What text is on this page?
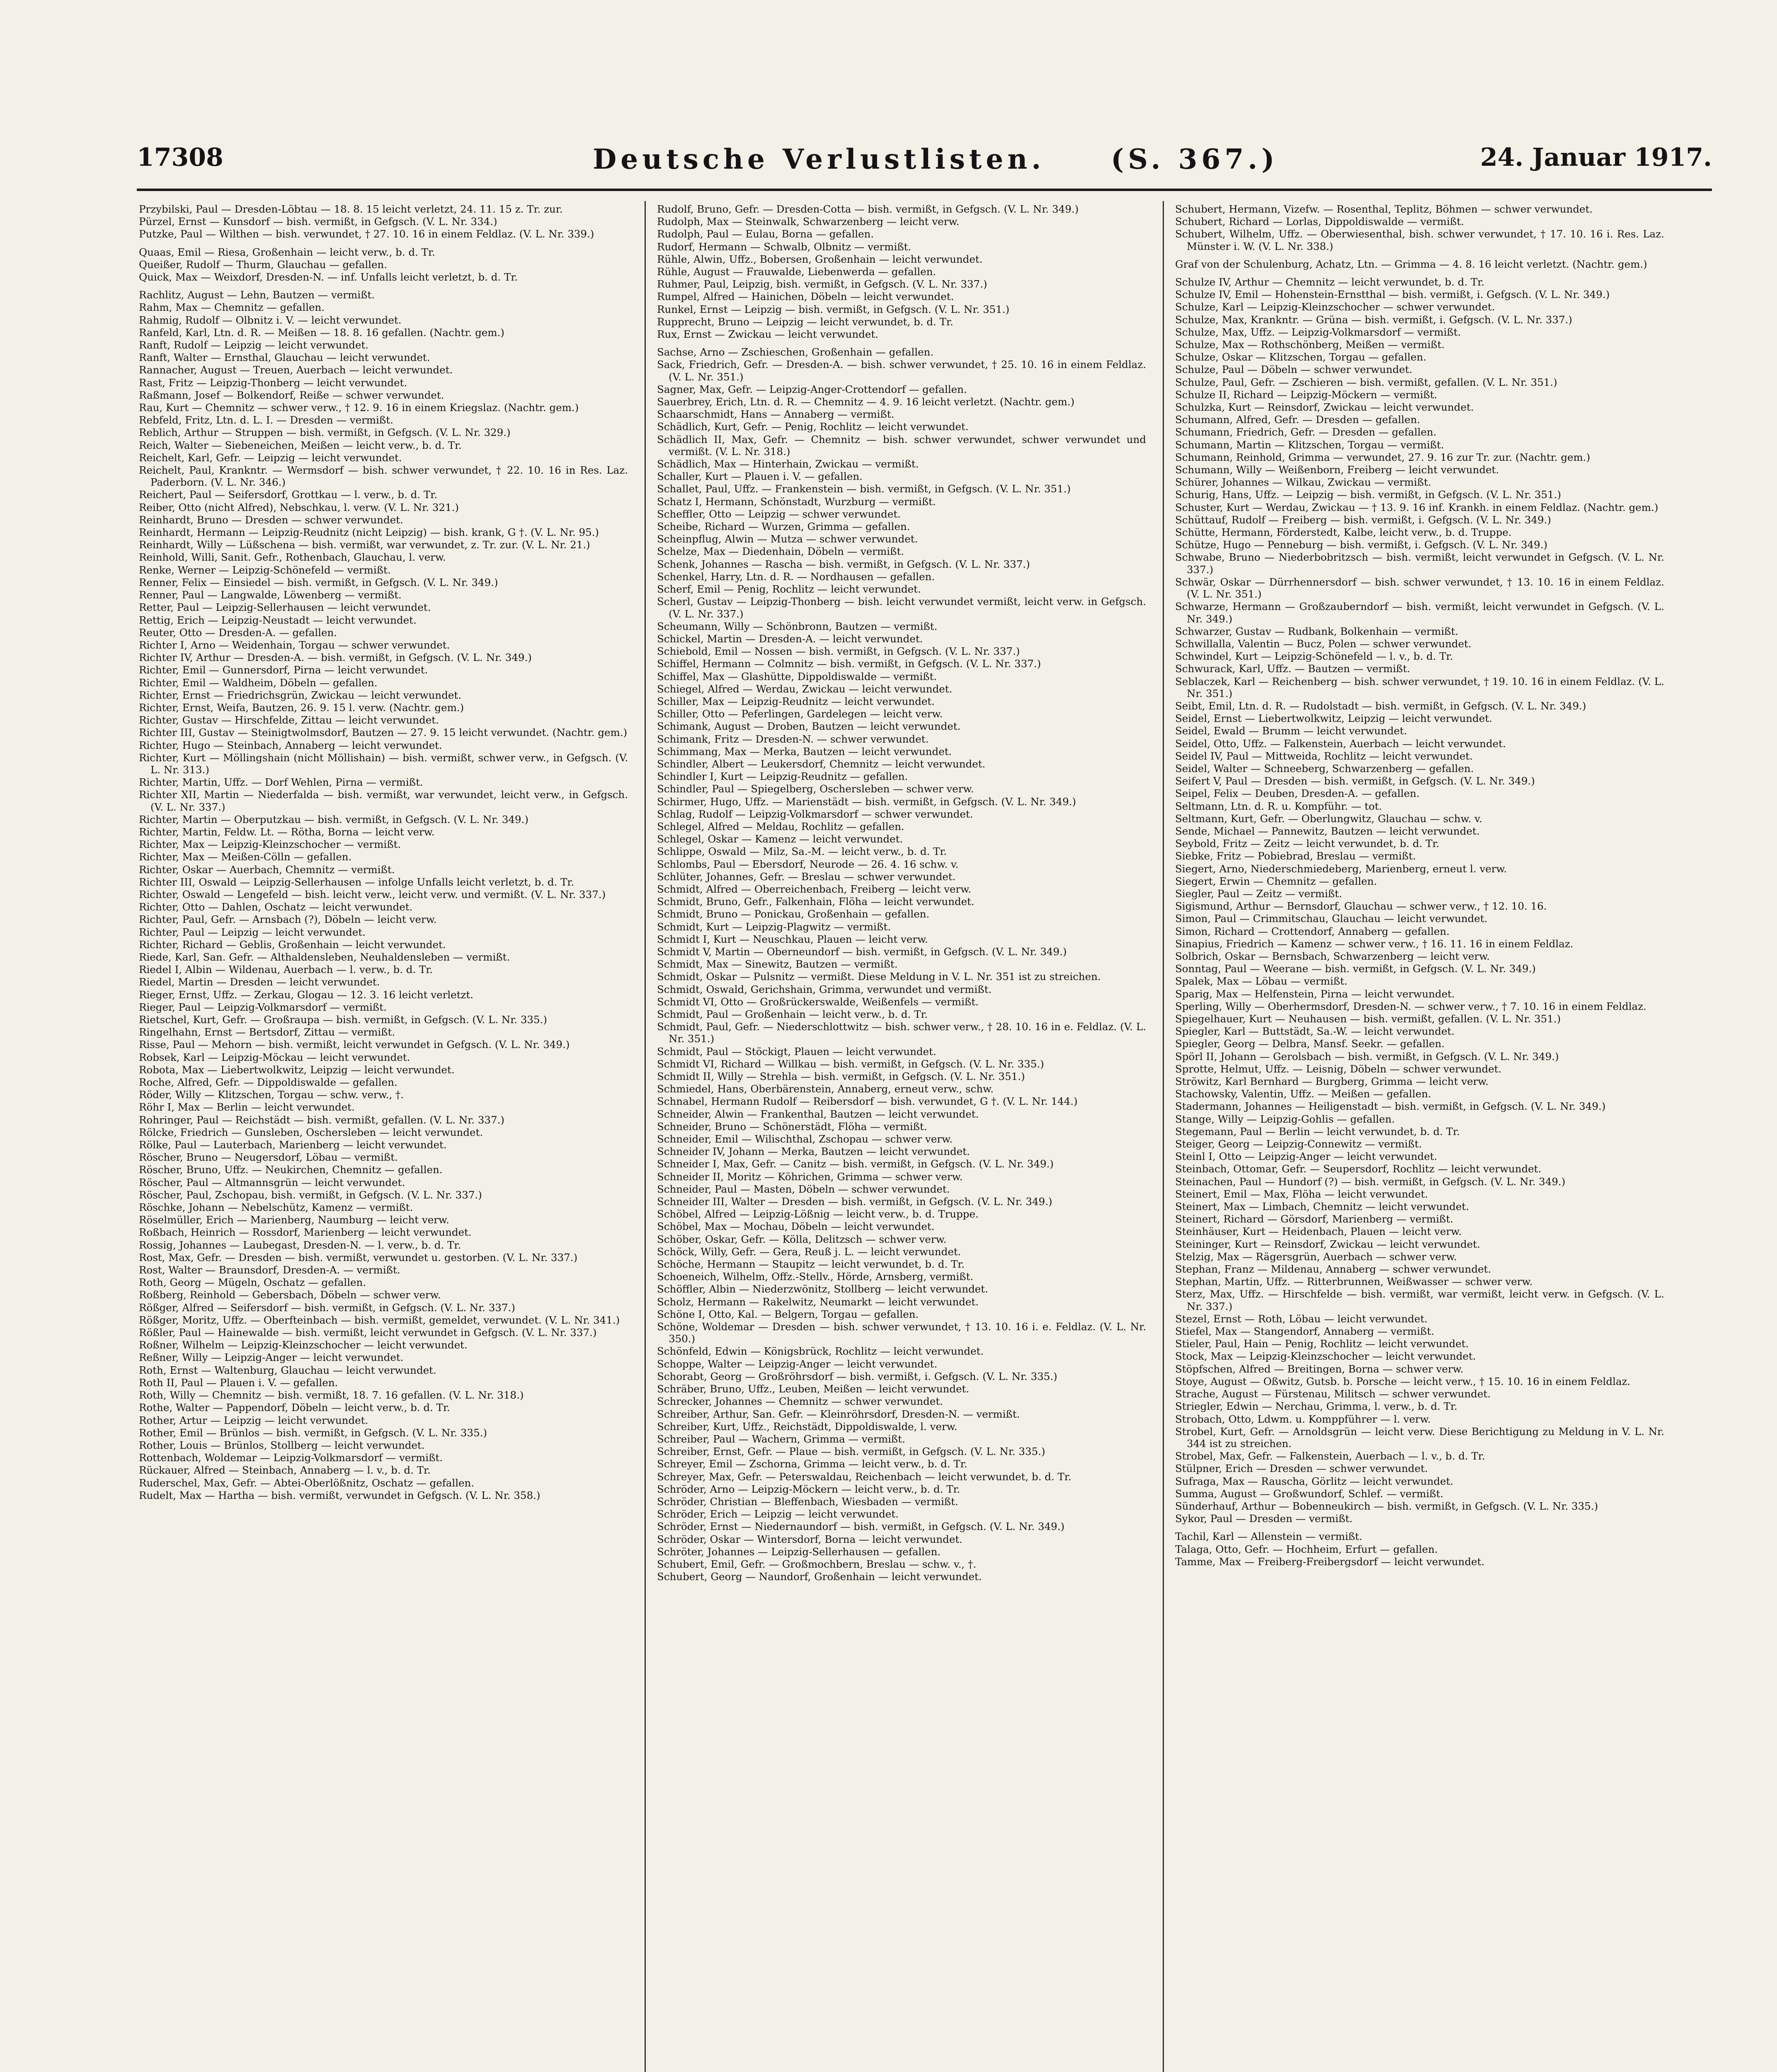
17308	Deutsche Verlustlisten. (S. 367.)	24. Januar 1917.
Przybilski, Paul — Dresden-Löbtau — 18. 8. 15 leicht verletzt, 24. 11. 15 z. Tr. zur.
Pürzel, Ernst — Kunsdorf — bish. vermißt, in Gefgsch. (V. L. Nr. 334.)
Putzke, Paul — Wilthen — bish. verwundet, † 27. 10. 16 in einem Feldlaz. (V. L. Nr. 339.)
Quaas, Emil — Riesa, Großenhain — leicht verw., b. d. Tr.
Queißer, Rudolf — Thurm, Glauchau — gefallen.
Quick, Max — Weixdorf, Dresden-N. — inf. Unfalls leicht verletzt, b. d. Tr.
Rachlitz, August — Lehn, Bautzen — vermißt.
Rahm, Max — Chemnitz — gefallen.
Rahmig, Rudolf — Olbnitz i. V. — leicht verwundet.
Ranfeld, Karl, Ltn. d. R. — Meißen — 18. 8. 16 gefallen. (Nachtr. gem.)
Ranft, Rudolf — Leipzig — leicht verwundet.
Ranft, Walter — Ernsthal, Glauchau — leicht verwundet.
Rannacher, August — Treuen, Auerbach — leicht verwundet.
Rast, Fritz — Leipzig-Thonberg — leicht verwundet.
Raßmann, Josef — Bolkendorf, Reiße — schwer verwundet.
Rau, Kurt — Chemnitz — schwer verw., † 12. 9. 16 in einem Kriegslaz. (Nachtr. gem.)
Rebfeld, Fritz, Ltn. d. L. I. — Dresden — vermißt.
Reblich, Arthur — Struppen — bish. vermißt, in Gefgsch. (V. L. Nr. 329.)
Reich, Walter — Siebeneichen, Meißen — leicht verw., b. d. Tr.
Reichelt, Karl, Gefr. — Leipzig — leicht verwundet.
Reichelt, Paul, Krankntr. — Wermsdorf — bish. schwer verwundet, † 22. 10. 16 in Res. Laz. Paderborn. (V. L. Nr. 346.)
Reichert, Paul — Seifersdorf, Grottkau — l. verw., b. d. Tr.
Reiber, Otto (nicht Alfred), Nebschkau, l. verw. (V. L. Nr. 321.)
Reinhardt, Bruno — Dresden — schwer verwundet.
Reinhardt, Hermann — Leipzig-Reudnitz (nicht Leipzig) — bish. krank, G †. (V. L. Nr. 95.)
Reinhardt, Willy — Lüßschena — bish. vermißt, war verwundet, z. Tr. zur. (V. L. Nr. 21.)
Reinhold, Willi, Sanit. Gefr., Rothenbach, Glauchau, l. verw.
Renke, Werner — Leipzig-Schönefeld — vermißt.
Renner, Felix — Einsiedel — bish. vermißt, in Gefgsch. (V. L. Nr. 349.)
Renner, Paul — Langwalde, Löwenberg — vermißt.
Retter, Paul — Leipzig-Sellerhausen — leicht verwundet.
Rettig, Erich — Leipzig-Neustadt — leicht verwundet.
Reuter, Otto — Dresden-A. — gefallen.
Richter I, Arno — Weidenhain, Torgau — schwer verwundet.
Richter IV, Arthur — Dresden-A. — bish. vermißt, in Gefgsch. (V. L. Nr. 349.)
Richter, Emil — Gunnersdorf, Pirna — leicht verwundet.
Richter, Emil — Waldheim, Döbeln — gefallen.
Richter, Ernst — Friedrichsgrün, Zwickau — leicht verwundet.
Richter, Ernst, Weifa, Bautzen, 26. 9. 15 l. verw. (Nachtr. gem.)
Richter, Gustav — Hirschfelde, Zittau — leicht verwundet.
Richter III, Gustav — Steinigtwolmsdorf, Bautzen — 27. 9. 15 leicht verwundet. (Nachtr. gem.)
Richter, Hugo — Steinbach, Annaberg — leicht verwundet.
Richter, Kurt — Möllingshain (nicht Möllishain) — bish. vermißt, schwer verw., in Gefgsch. (V. L. Nr. 313.)
Richter, Martin, Uffz. — Dorf Wehlen, Pirna — vermißt.
Richter XII, Martin — Niederfalda — bish. vermißt, war verwundet, leicht verw., in Gefgsch. (V. L. Nr. 337.)
Richter, Martin — Oberputzkau — bish. vermißt, in Gefgsch. (V. L. Nr. 349.)
Richter, Martin, Feldw. Lt. — Rötha, Borna — leicht verw.
Richter, Max — Leipzig-Kleinzschocher — vermißt.
Richter, Max — Meißen-Cölln — gefallen.
Richter, Oskar — Auerbach, Chemnitz — vermißt.
Richter III, Oswald — Leipzig-Sellerhausen — infolge Unfalls leicht verletzt, b. d. Tr.
Richter, Oswald — Lengefeld — bish. leicht verw., leicht verw. und vermißt. (V. L. Nr. 337.)
Richter, Otto — Dahlen, Oschatz — leicht verwundet.
Richter, Paul, Gefr. — Arnsbach (?), Döbeln — leicht verw.
Richter, Paul — Leipzig — leicht verwundet.
Richter, Richard — Geblis, Großenhain — leicht verwundet.
Riede, Karl, San. Gefr. — Althaldensleben, Neuhaldensleben — vermißt.
Riedel I, Albin — Wildenau, Auerbach — l. verw., b. d. Tr.
Riedel, Martin — Dresden — leicht verwundet.
Rieger, Ernst, Uffz. — Zerkau, Glogau — 12. 3. 16 leicht verletzt.
Rieger, Paul — Leipzig-Volkmarsdorf — vermißt.
Rietschel, Kurt, Gefr. — Großraupa — bish. vermißt, in Gefgsch. (V. L. Nr. 335.)
Ringelhahn, Ernst — Bertsdorf, Zittau — vermißt.
Risse, Paul — Mehorn — bish. vermißt, leicht verwundet in Gefgsch. (V. L. Nr. 349.)
Robsek, Karl — Leipzig-Möckau — leicht verwundet.
Robota, Max — Liebertwolkwitz, Leipzig — leicht verwundet.
Roche, Alfred, Gefr. — Dippoldiswalde — gefallen.
Röder, Willy — Klitzschen, Torgau — schw. verw., †.
Röhr I, Max — Berlin — leicht verwundet.
Rohringer, Paul — Reichstädt — bish. vermißt, gefallen. (V. L. Nr. 337.)
Rölcke, Friedrich — Gunsleben, Oschersleben — leicht verwundet.
Rölke, Paul — Lauterbach, Marienberg — leicht verwundet.
Röscher, Bruno — Neugersdorf, Löbau — vermißt.
Röscher, Bruno, Uffz. — Neukirchen, Chemnitz — gefallen.
Röscher, Paul — Altmannsgrün — leicht verwundet.
Röscher, Paul, Zschopau, bish. vermißt, in Gefgsch. (V. L. Nr. 337.)
Röschke, Johann — Nebelschütz, Kamenz — vermißt.
Röselmüller, Erich — Marienberg, Naumburg — leicht verw.
Roßbach, Heinrich — Rossdorf, Marienberg — leicht verwundet.
Rossig, Johannes — Laubegast, Dresden-N. — l. verw., b. d. Tr.
Rost, Max, Gefr. — Dresden — bish. vermißt, verwundet u. gestorben. (V. L. Nr. 337.)
Rost, Walter — Braunsdorf, Dresden-A. — vermißt.
Roth, Georg — Mügeln, Oschatz — gefallen.
Roßberg, Reinhold — Gebersbach, Döbeln — schwer verw.
Rößger, Alfred — Seifersdorf — bish. vermißt, in Gefgsch. (V. L. Nr. 337.)
Rößger, Moritz, Uffz. — Oberfteinbach — bish. vermißt, gemeldet, verwundet. (V. L. Nr. 341.)
Rößler, Paul — Hainewalde — bish. vermißt, leicht verwundet in Gefgsch. (V. L. Nr. 337.)
Roßner, Wilhelm — Leipzig-Kleinzschocher — leicht verwundet.
Reßner, Willy — Leipzig-Anger — leicht verwundet.
Roth, Ernst — Waltenburg, Glauchau — leicht verwundet.
Roth II, Paul — Plauen i. V. — gefallen.
Roth, Willy — Chemnitz — bish. vermißt, 18. 7. 16 gefallen. (V. L. Nr. 318.)
Rothe, Walter — Pappendorf, Döbeln — leicht verw., b. d. Tr.
Rother, Artur — Leipzig — leicht verwundet.
Rother, Emil — Brünlos — bish. vermißt, in Gefgsch. (V. L. Nr. 335.)
Rother, Louis — Brünlos, Stollberg — leicht verwundet.
Rottenbach, Woldemar — Leipzig-Volkmarsdorf — vermißt.
Rückauer, Alfred — Steinbach, Annaberg — l. v., b. d. Tr.
Ruderschel, Max, Gefr. — Abtei-Oberlößnitz, Oschatz — gefallen.
Rudelt, Max — Hartha — bish. vermißt, verwundet in Gefgsch. (V. L. Nr. 358.)
Rudolf, Bruno, Gefr. — Dresden-Cotta — bish. vermißt, in Gefgsch. (V. L. Nr. 349.)
Rudolph, Max — Steinwalk, Schwarzenberg — leicht verw.
Rudolph, Paul — Eulau, Borna — gefallen.
Rudorf, Hermann — Schwalb, Olbnitz — vermißt.
Rühle, Alwin, Uffz., Bobersen, Großenhain — leicht verwundet.
Rühle, August — Frauwalde, Liebenwerda — gefallen.
Ruhmer, Paul, Leipzig, bish. vermißt, in Gefgsch. (V. L. Nr. 337.)
Rumpel, Alfred — Hainichen, Döbeln — leicht verwundet.
Runkel, Ernst — Leipzig — bish. vermißt, in Gefgsch. (V. L. Nr. 351.)
Rupprecht, Bruno — Leipzig — leicht verwundet, b. d. Tr.
Rux, Ernst — Zwickau — leicht verwundet.
Sachse, Arno — Zschieschen, Großenhain — gefallen.
Sack, Friedrich, Gefr. — Dresden-A. — bish. schwer verwundet, † 25. 10. 16 in einem Feldlaz. (V. L. Nr. 351.)
Sagner, Max, Gefr. — Leipzig-Anger-Crottendorf — gefallen.
Sauerbrey, Erich, Ltn. d. R. — Chemnitz — 4. 9. 16 leicht verletzt. (Nachtr. gem.)
Schaarschmidt, Hans — Annaberg — vermißt.
Schädlich, Kurt, Gefr. — Penig, Rochlitz — leicht verwundet.
Schädlich II, Max, Gefr. — Chemnitz — bish. schwer verwundet, schwer verwundet und vermißt. (V. L. Nr. 318.)
Schädlich, Max — Hinterhain, Zwickau — vermißt.
Schaller, Kurt — Plauen i. V. — gefallen.
Schallet, Paul, Uffz. — Frankenstein — bish. vermißt, in Gefgsch. (V. L. Nr. 351.)
Schatz I, Hermann, Schönstadt, Wurzburg — vermißt.
Scheffler, Otto — Leipzig — schwer verwundet.
Scheibe, Richard — Wurzen, Grimma — gefallen.
Scheinpflug, Alwin — Mutza — schwer verwundet.
Schelze, Max — Diedenhain, Döbeln — vermißt.
Schenk, Johannes — Rascha — bish. vermißt, in Gefgsch. (V. L. Nr. 337.)
Schenkel, Harry, Ltn. d. R. — Nordhausen — gefallen.
Scherf, Emil — Penig, Rochlitz — leicht verwundet.
Scherl, Gustav — Leipzig-Thonberg — bish. leicht verwundet vermißt, leicht verw. in Gefgsch. (V. L. Nr. 337.)
Scheumann, Willy — Schönbronn, Bautzen — vermißt.
Schickel, Martin — Dresden-A. — leicht verwundet.
Schiebold, Emil — Nossen — bish. vermißt, in Gefgsch. (V. L. Nr. 337.)
Schiffel, Hermann — Colmnitz — bish. vermißt, in Gefgsch. (V. L. Nr. 337.)
Schiffel, Max — Glashütte, Dippoldiswalde — vermißt.
Schiegel, Alfred — Werdau, Zwickau — leicht verwundet.
Schiller, Max — Leipzig-Reudnitz — leicht verwundet.
Schiller, Otto — Peferlingen, Gardelegen — leicht verw.
Schimank, August — Droben, Bautzen — leicht verwundet.
Schimank, Fritz — Dresden-N. — schwer verwundet.
Schimmang, Max — Merka, Bautzen — leicht verwundet.
Schindler, Albert — Leukersdorf, Chemnitz — leicht verwundet.
Schindler I, Kurt — Leipzig-Reudnitz — gefallen.
Schindler, Paul — Spiegelberg, Oschersleben — schwer verw.
Schirmer, Hugo, Uffz. — Marienstädt — bish. vermißt, in Gefgsch. (V. L. Nr. 349.)
Schlag, Rudolf — Leipzig-Volkmarsdorf — schwer verwundet.
Schlegel, Alfred — Meldau, Rochlitz — gefallen.
Schlegel, Oskar — Kamenz — leicht verwundet.
Schlippe, Oswald — Milz, Sa.-M. — leicht verw., b. d. Tr.
Schlombs, Paul — Ebersdorf, Neurode — 26. 4. 16 schw. v.
Schlüter, Johannes, Gefr. — Breslau — schwer verwundet.
Schmidt, Alfred — Oberreichenbach, Freiberg — leicht verw.
Schmidt, Bruno, Gefr., Falkenhain, Flöha — leicht verwundet.
Schmidt, Bruno — Ponickau, Großenhain — gefallen.
Schmidt, Kurt — Leipzig-Plagwitz — vermißt.
Schmidt I, Kurt — Neuschkau, Plauen — leicht verw.
Schmidt V, Martin — Oberneundorf — bish. vermißt, in Gefgsch. (V. L. Nr. 349.)
Schmidt, Max — Sinewitz, Bautzen — vermißt.
Schmidt, Oskar — Pulsnitz — vermißt. Diese Meldung in V. L. Nr. 351 ist zu streichen.
Schmidt, Oswald, Gerichshain, Grimma, verwundet und vermißt.
Schmidt VI, Otto — Großrückerswalde, Weißenfels — vermißt.
Schmidt, Paul — Großenhain — leicht verw., b. d. Tr.
Schmidt, Paul, Gefr. — Niederschlottwitz — bish. schwer verw., † 28. 10. 16 in e. Feldlaz. (V. L. Nr. 351.)
Schmidt, Paul — Stöckigt, Plauen — leicht verwundet.
Schmidt VI, Richard — Willkau — bish. vermißt, in Gefgsch. (V. L. Nr. 335.)
Schmidt II, Willy — Strehla — bish. vermißt, in Gefgsch. (V. L. Nr. 351.)
Schmiedel, Hans, Oberbärenstein, Annaberg, erneut verw., schw.
Schnabel, Hermann Rudolf — Reibersdorf — bish. verwundet, G †. (V. L. Nr. 144.)
Schneider, Alwin — Frankenthal, Bautzen — leicht verwundet.
Schneider, Bruno — Schönerstädt, Flöha — vermißt.
Schneider, Emil — Wilischthal, Zschopau — schwer verw.
Schneider IV, Johann — Merka, Bautzen — leicht verwundet.
Schneider I, Max, Gefr. — Canitz — bish. vermißt, in Gefgsch. (V. L. Nr. 349.)
Schneider II, Moritz — Köhrichen, Grimma — schwer verw.
Schneider, Paul — Masten, Döbeln — schwer verwundet.
Schneider III, Walter — Dresden — bish. vermißt, in Gefgsch. (V. L. Nr. 349.)
Schöbel, Alfred — Leipzig-Lößnig — leicht verw., b. d. Truppe.
Schöbel, Max — Mochau, Döbeln — leicht verwundet.
Schöber, Oskar, Gefr. — Kölla, Delitzsch — schwer verw.
Schöck, Willy, Gefr. — Gera, Reuß j. L. — leicht verwundet.
Schöche, Hermann — Staupitz — leicht verwundet, b. d. Tr.
Schoeneich, Wilhelm, Offz.-Stellv., Hörde, Arnsberg, vermißt.
Schöffler, Albin — Niederzwönitz, Stollberg — leicht verwundet.
Scholz, Hermann — Rakelwitz, Neumarkt — leicht verwundet.
Schöne I, Otto, Kal. — Belgern, Torgau — gefallen.
Schöne, Woldemar — Dresden — bish. schwer verwundet, † 13. 10. 16 i. e. Feldlaz. (V. L. Nr. 350.)
Schönfeld, Edwin — Königsbrück, Rochlitz — leicht verwundet.
Schoppe, Walter — Leipzig-Anger — leicht verwundet.
Schorabt, Georg — Großröhrsdorf — bish. vermißt, i. Gefgsch. (V. L. Nr. 335.)
Schräber, Bruno, Uffz., Leuben, Meißen — leicht verwundet.
Schrecker, Johannes — Chemnitz — schwer verwundet.
Schreiber, Arthur, San. Gefr. — Kleinröhrsdorf, Dresden-N. — vermißt.
Schreiber, Kurt, Uffz., Reichstädt, Dippoldiswalde, l. verw.
Schreiber, Paul — Wachern, Grimma — vermißt.
Schreiber, Ernst, Gefr. — Plaue — bish. vermißt, in Gefgsch. (V. L. Nr. 335.)
Schreyer, Emil — Zschorna, Grimma — leicht verw., b. d. Tr.
Schreyer, Max, Gefr. — Peterswaldau, Reichenbach — leicht verwundet, b. d. Tr.
Schröder, Arno — Leipzig-Möckern — leicht verw., b. d. Tr.
Schröder, Christian — Bleffenbach, Wiesbaden — vermißt.
Schröder, Erich — Leipzig — leicht verwundet.
Schröder, Ernst — Niedernaundorf — bish. vermißt, in Gefgsch. (V. L. Nr. 349.)
Schröder, Oskar — Wintersdorf, Borna — leicht verwundet.
Schröter, Johannes — Leipzig-Sellerhausen — gefallen.
Schubert, Emil, Gefr. — Großmochbern, Breslau — schw. v., †.
Schubert, Georg — Naundorf, Großenhain — leicht verwundet.
Schubert, Hermann, Vizefw. — Rosenthal, Teplitz, Böhmen — schwer verwundet.
Schubert, Richard — Lorlas, Dippoldiswalde — vermißt.
Schubert, Wilhelm, Uffz. — Oberwiesenthal, bish. schwer verwundet, † 17. 10. 16 i. Res. Laz. Münster i. W. (V. L. Nr. 338.)
Graf von der Schulenburg, Achatz, Ltn. — Grimma — 4. 8. 16 leicht verletzt. (Nachtr. gem.)
Schulze IV, Arthur — Chemnitz — leicht verwundet, b. d. Tr.
Schulze IV, Emil — Hohenstein-Ernstthal — bish. vermißt, i. Gefgsch. (V. L. Nr. 349.)
Schulze, Karl — Leipzig-Kleinzschocher — schwer verwundet.
Schulze, Max, Krankntr. — Grüna — bish. vermißt, i. Gefgsch. (V. L. Nr. 337.)
Schulze, Max, Uffz. — Leipzig-Volkmarsdorf — vermißt.
Schulze, Max — Rothschönberg, Meißen — vermißt.
Schulze, Oskar — Klitzschen, Torgau — gefallen.
Schulze, Paul — Döbeln — schwer verwundet.
Schulze, Paul, Gefr. — Zschieren — bish. vermißt, gefallen. (V. L. Nr. 351.)
Schulze II, Richard — Leipzig-Möckern — vermißt.
Schulzka, Kurt — Reinsdorf, Zwickau — leicht verwundet.
Schumann, Alfred, Gefr. — Dresden — gefallen.
Schumann, Friedrich, Gefr. — Dresden — gefallen.
Schumann, Martin — Klitzschen, Torgau — vermißt.
Schumann, Reinhold, Grimma — verwundet, 27. 9. 16 zur Tr. zur. (Nachtr. gem.)
Schumann, Willy — Weißenborn, Freiberg — leicht verwundet.
Schürer, Johannes — Wilkau, Zwickau — vermißt.
Schurig, Hans, Uffz. — Leipzig — bish. vermißt, in Gefgsch. (V. L. Nr. 351.)
Schuster, Kurt — Werdau, Zwickau — † 13. 9. 16 inf. Krankh. in einem Feldlaz. (Nachtr. gem.)
Schüttauf, Rudolf — Freiberg — bish. vermißt, i. Gefgsch. (V. L. Nr. 349.)
Schütte, Hermann, Förderstedt, Kalbe, leicht verw., b. d. Truppe.
Schütze, Hugo — Penneburg — bish. vermißt, i. Gefgsch. (V. L. Nr. 349.)
Schwabe, Bruno — Niederbobritzsch — bish. vermißt, leicht verwundet in Gefgsch. (V. L. Nr. 337.)
Schwär, Oskar — Dürrhennersdorf — bish. schwer verwundet, † 13. 10. 16 in einem Feldlaz. (V. L. Nr. 351.)
Schwarze, Hermann — Großzauberndorf — bish. vermißt, leicht verwundet in Gefgsch. (V. L. Nr. 349.)
Schwarzer, Gustav — Rudbank, Bolkenhain — vermißt.
Schwillalla, Valentin — Bucz, Polen — schwer verwundet.
Schwindel, Kurt — Leipzig-Schönefeld — l. v., b. d. Tr.
Schwurack, Karl, Uffz. — Bautzen — vermißt.
Seblaczek, Karl — Reichenberg — bish. schwer verwundet, † 19. 10. 16 in einem Feldlaz. (V. L. Nr. 351.)
Seibt, Emil, Ltn. d. R. — Rudolstadt — bish. vermißt, in Gefgsch. (V. L. Nr. 349.)
Seidel, Ernst — Liebertwolkwitz, Leipzig — leicht verwundet.
Seidel, Ewald — Brumm — leicht verwundet.
Seidel, Otto, Uffz. — Falkenstein, Auerbach — leicht verwundet.
Seidel IV, Paul — Mittweida, Rochlitz — leicht verwundet.
Seidel, Walter — Schneeberg, Schwarzenberg — gefallen.
Seifert V, Paul — Dresden — bish. vermißt, in Gefgsch. (V. L. Nr. 349.)
Seipel, Felix — Deuben, Dresden-A. — gefallen.
Seltmann, Ltn. d. R. u. Kompführ. — tot.
Seltmann, Kurt, Gefr. — Oberlungwitz, Glauchau — schw. v.
Sende, Michael — Pannewitz, Bautzen — leicht verwundet.
Seybold, Fritz — Zeitz — leicht verwundet, b. d. Tr.
Siebke, Fritz — Pobiebrad, Breslau — vermißt.
Siegert, Arno, Niederschmiedeberg, Marienberg, erneut l. verw.
Siegert, Erwin — Chemnitz — gefallen.
Siegler, Paul — Zeitz — vermißt.
Sigismund, Arthur — Bernsdorf, Glauchau — schwer verw., † 12. 10. 16.
Simon, Paul — Crimmitschau, Glauchau — leicht verwundet.
Simon, Richard — Crottendorf, Annaberg — gefallen.
Sinapius, Friedrich — Kamenz — schwer verw., † 16. 11. 16 in einem Feldlaz.
Solbrich, Oskar — Bernsbach, Schwarzenberg — leicht verw.
Sonntag, Paul — Weerane — bish. vermißt, in Gefgsch. (V. L. Nr. 349.)
Spalek, Max — Löbau — vermißt.
Sparig, Max — Helfenstein, Pirna — leicht verwundet.
Sperling, Willy — Oberhermsdorf, Dresden-N. — schwer verw., † 7. 10. 16 in einem Feldlaz.
Spiegelhauer, Kurt — Neuhausen — bish. vermißt, gefallen. (V. L. Nr. 351.)
Spiegler, Karl — Buttstädt, Sa.-W. — leicht verwundet.
Spiegler, Georg — Delbra, Mansf. Seekr. — gefallen.
Spörl II, Johann — Gerolsbach — bish. vermißt, in Gefgsch. (V. L. Nr. 349.)
Sprotte, Helmut, Uffz. — Leisnig, Döbeln — schwer verwundet.
Ströwitz, Karl Bernhard — Burgberg, Grimma — leicht verw.
Stachowsky, Valentin, Uffz. — Meißen — gefallen.
Stadermann, Johannes — Heiligenstadt — bish. vermißt, in Gefgsch. (V. L. Nr. 349.)
Stange, Willy — Leipzig-Gohlis — gefallen.
Stegemann, Paul — Berlin — leicht verwundet, b. d. Tr.
Steiger, Georg — Leipzig-Connewitz — vermißt.
Steinl I, Otto — Leipzig-Anger — leicht verwundet.
Steinbach, Ottomar, Gefr. — Seupersdorf, Rochlitz — leicht verwundet.
Steinachen, Paul — Hundorf (?) — bish. vermißt, in Gefgsch. (V. L. Nr. 349.)
Steinert, Emil — Max, Flöha — leicht verwundet.
Steinert, Max — Limbach, Chemnitz — leicht verwundet.
Steinert, Richard — Görsdorf, Marienberg — vermißt.
Steinhäuser, Kurt — Heidenbach, Plauen — leicht verw.
Steininger, Kurt — Reinsdorf, Zwickau — leicht verwundet.
Stelzig, Max — Rägersgrün, Auerbach — schwer verw.
Stephan, Franz — Mildenau, Annaberg — schwer verwundet.
Stephan, Martin, Uffz. — Ritterbrunnen, Weißwasser — schwer verw.
Sterz, Max, Uffz. — Hirschfelde — bish. vermißt, war vermißt, leicht verw. in Gefgsch. (V. L. Nr. 337.)
Stezel, Ernst — Roth, Löbau — leicht verwundet.
Stiefel, Max — Stangendorf, Annaberg — vermißt.
Stieler, Paul, Hain — Penig, Rochlitz — leicht verwundet.
Stock, Max — Leipzig-Kleinzschocher — leicht verwundet.
Stöpfschen, Alfred — Breitingen, Borna — schwer verw.
Stoye, August — Oßwitz, Gutsb. b. Porsche — leicht verw., † 15. 10. 16 in einem Feldlaz.
Strache, August — Fürstenau, Militsch — schwer verwundet.
Striegler, Edwin — Nerchau, Grimma, l. verw., b. d. Tr.
Strobach, Otto, Ldwm. u. Komppführer — l. verw.
Strobel, Kurt, Gefr. — Arnoldsgrün — leicht verw. Diese Berichtigung zu Meldung in V. L. Nr. 344 ist zu streichen.
Strobel, Max, Gefr. — Falkenstein, Auerbach — l. v., b. d. Tr.
Stülpner, Erich — Dresden — schwer verwundet.
Sufraga, Max — Rauscha, Görlitz — leicht verwundet.
Summa, August — Großwundorf, Schlef. — vermißt.
Sünderhauf, Arthur — Bobenneukirch — bish. vermißt, in Gefgsch. (V. L. Nr. 335.)
Sykor, Paul — Dresden — vermißt.
Tachil, Karl — Allenstein — vermißt.
Talaga, Otto, Gefr. — Hochheim, Erfurt — gefallen.
Tamme, Max — Freiberg-Freibergsdorf — leicht verwundet.
